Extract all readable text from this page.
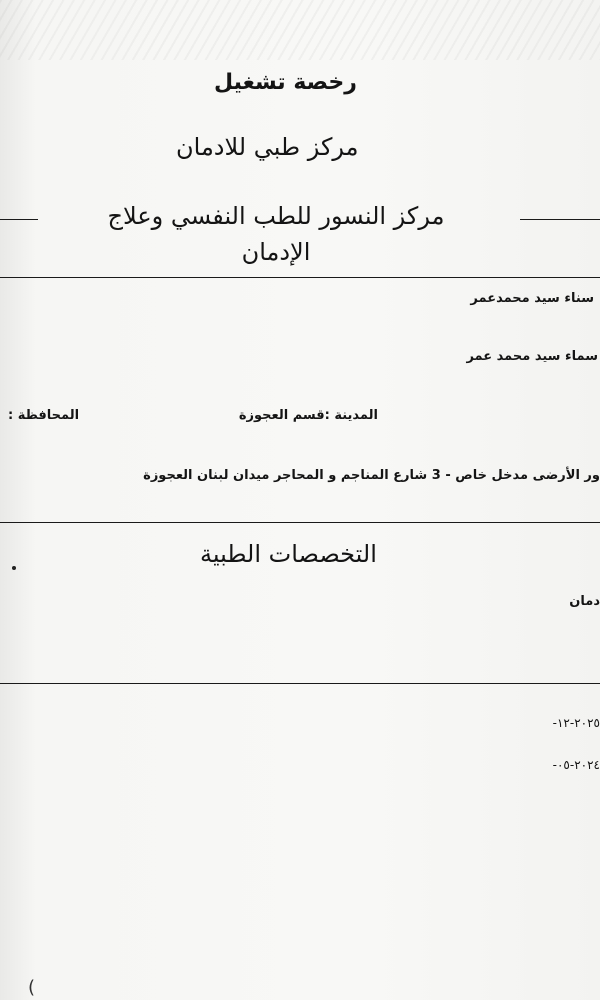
رخصة تشغيل
مركز طبي للادمان
مركز النسور للطب النفسي وعلاج الإدمان
سناء سيد محمدعمر
سماء سيد محمد عمر
المدينة :قسم العجوزة
المحافظة :
ور الأرضى مدخل خاص - 3 شارع المناجم و المحاجر ميدان لبنان العجوزة
التخصصات الطبية
دمان
٢٠٢٥-١٢-
٢٠٢٤-٠٥-
(
